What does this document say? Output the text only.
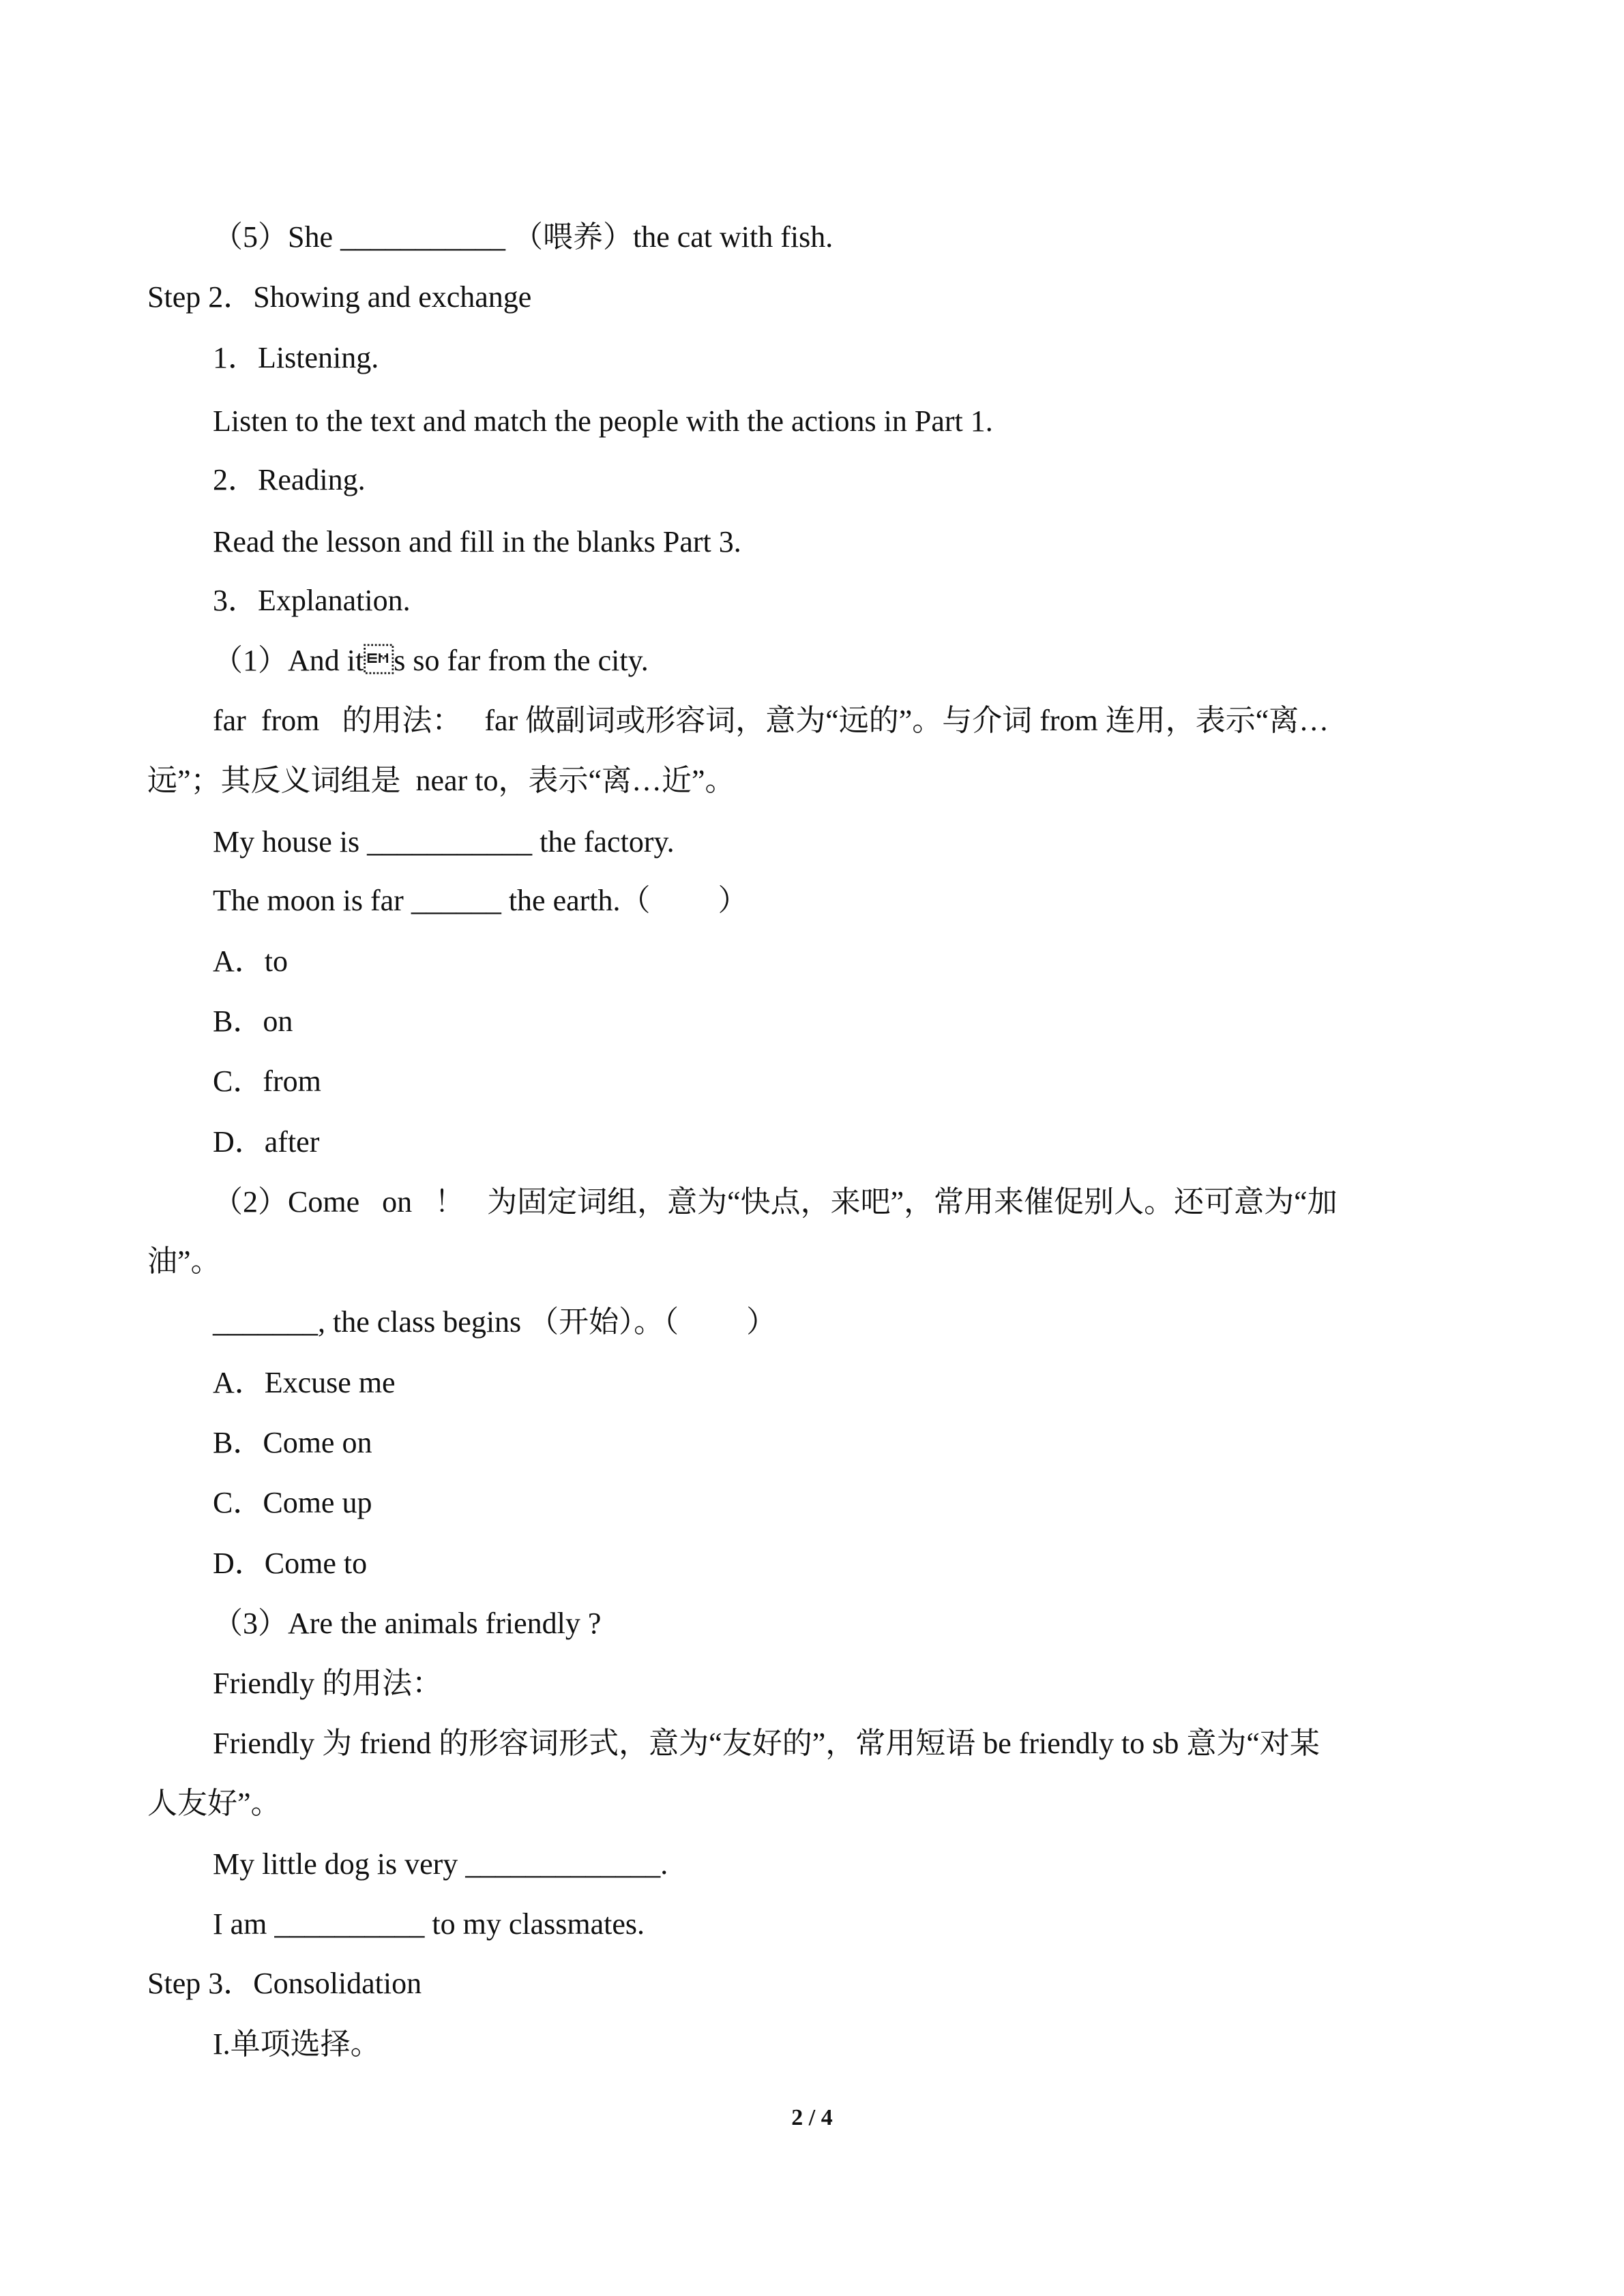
（5）She ___________ （喂养）the cat with fish.
Step 2．Showing and exchange
1．Listening.
Listen to the text and match the people with the actions in Part 1.
2．Reading.
Read the lesson and fill in the blanks Part 3.
3．Explanation.
（1）And its so far from the city.
far  from   的用法：   far 做副词或形容词，意为“远的”。与介词 from 连用，表示“离…
远”；其反义词组是  near to，表示“离…近”。
My house is ___________ the factory.
The moon is far ______ the earth.（         ）
A．to
B．on
C．from
D．after
（2）Come   on   ！   为固定词组，意为“快点，来吧”，常用来催促别人。还可意为“加
油”。
_______, the class begins （开始）。（         ）
A．Excuse me
B．Come on
C．Come up
D．Come to
（3）Are the animals friendly ?
Friendly 的用法：
Friendly 为 friend 的形容词形式，意为“友好的”，常用短语 be friendly to sb 意为“对某
人友好”。
My little dog is very _____________.
I am __________ to my classmates.
Step 3．Consolidation
I.单项选择。
2 / 4
